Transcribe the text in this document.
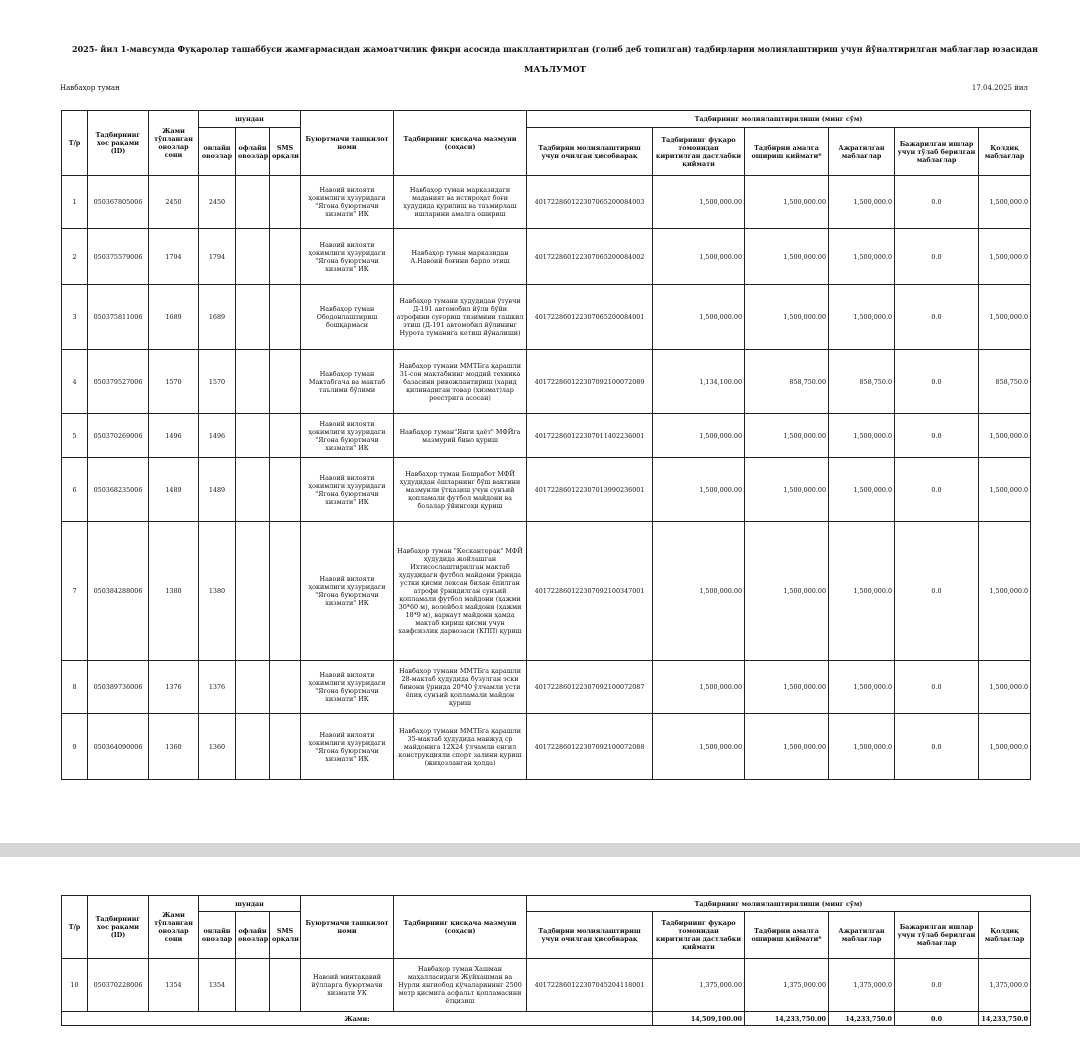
2025- йил 1-мавсумда Фуқаролар ташаббуси жамғармасидан жамоатчилик фикри асосида шакллантирилган (голиб деб топилган) тадбирларни молиялаштириш учун йўналтирилган маблағлар юзасидан
МАЪЛУМОТ
Навбаҳор туман	17.04.2025 йил
Т/р	Тадбирнинг хос рақами (ID)	Жами тўпланган овозлар сони	шундан			Буюртмачи ташкилот номи	Тадбирнинг қисқача мазмуни (соҳаси)	Тадбирнинг молиялаштирилиши (минг сўм)					
			онлайн овозлар	офлайн овозлар	SMS орқали			Тадбирни молиялаштириш учун очилган ҳисобварақ	Тадбирнинг фуқаро томонидан киритилган дастлабки қиймати	Тадбирни амалга ошириш қиймати*	Ажратилган маблағлар	Бажарилган ишлар учун тўлаб берилган маблағлар	Қолдиқ маблағлар
1	050367805006	2450	2450			Навоий вилояти ҳокимлиги ҳузуридаги "Ягона буюртмачи хизмати" ИК	Навбаҳор туман марказидаги маданият ва истироҳат боғи ҳудудида қурилиш ва таъмирлаш ишларини амалга ошириш	401722860122307065200084003	1,500,000.00	1,500,000.00	1,500,000.0	0.0	1,500,000.0
2	050375579006	1794	1794			Навоий вилояти ҳокимлиги ҳузуридаги "Ягона буюртмачи хизмати" ИК	Навбаҳор туман марказидан А.Навоий боғини барпо этиш	401722860122307065200084002	1,500,000.00	1,500,000.00	1,500,000.0	0.0	1,500,000.0
3	050375811006	1689	1689			Навбаҳор туман Ободонлаштириш бошқармаси	Навбаҳор тумани ҳудудидан ўтувчи Д-191 автомобил йўли бўйи атрофини суғориш тизимини ташкил этиш (Д-191 автомобил йўлининг Нурота туманига кетиш йўналиши)	401722860122307065200084001	1,500,000.00	1,500,000.00	1,500,000.0	0.0	1,500,000.0
4	050379527006	1570	1570			Навбаҳор туман Мактабгача ва мактаб таълими бўлими	Навбаҳор тумани ММТБга қарашли 31-сон мактабнинг моддий техника базасини ривожлантириш (харид қилинадиган товар (хизмат)лар реестрига асосан)	401722860122307092100072089	1,134,100.00	858,750.00	858,750.0	0.0	858,750.0
5	050370269006	1496	1496			Навоий вилояти ҳокимлиги ҳузуридаги "Ягона буюртмачи хизмати" ИК	Навбаҳор туман"Янги ҳаёт" МФЙга мазмурий бино қуриш	401722860122307011402236001	1,500,000.00	1,500,000.00	1,500,000.0	0.0	1,500,000.0
6	050368235006	1489	1489			Навоий вилояти ҳокимлиги ҳузуридаги "Ягона буюртмачи хизмати" ИК	Навбаҳор туман Бешработ МФЙ ҳудудидан ёшларнинг бўш вактини мазмунли ўтказиш учун сунъий қопламали футбол майдони ва болалар ўйингоҳи қуриш	401722860122307013990236001	1,500,000.00	1,500,000.00	1,500,000.0	0.0	1,500,000.0
7	050384288006	1380	1380			Навоий вилояти ҳокимлиги ҳузуридаги "Ягона буюртмачи хизмати" ИК	Навбаҳор туман "Кескантерак" МФЙ ҳудудида жойлашган Ихтисослаштирилган мактаб ҳудудидаги футбол майдони ўрнида устки қисми лексан билан ёпилган атрофи ўрнидилган сунъий қопламали футбол майдони (ҳажми 30*60 м), волейбол майдони (ҳажми 18*9 м), варкаут майдони ҳамда мактаб кириш қисми учун хавфсизлик дарвозаси (КПП) қуриш	401722860122307092100347001	1,500,000.00	1,500,000.00	1,500,000.0	0.0	1,500,000.0
8	050389736006	1376	1376			Навоий вилояти ҳокимлиги ҳузуридаги "Ягона буюртмачи хизмати" ИК	Навбаҳор тумани ММТБга қарашли 28-мактаб ҳудудида бузулган эски бинони ўрнида 20*40 ўлчамли усти ёпиқ сунъий қопламали майдон қуриш	401722860122307092100072087	1,500,000.00	1,500,000.00	1,500,000.0	0.0	1,500,000.0
9	050364090006	1360	1360			Навоий вилояти ҳокимлиги ҳузуридаги "Ягона буюртмачи хизмати" ИК	Навбаҳор тумани ММТБга қарашли 35-мактаб ҳудудида мавжуд ср майдонига 12Х24 ўлчамли енгил конструкцияли спорт залини қуриш (жиҳозланган ҳолда)	401722860122307092100072088	1,500,000.00	1,500,000.00	1,500,000.0	0.0	1,500,000.0
Т/р	Тадбирнинг хос рақами (ID)	Жами тўпланган овозлар сони	шундан			Буюртмачи ташкилот номи	Тадбирнинг қисқача мазмуни (соҳаси)	Тадбирнинг молиялаштирилиши (минг сўм)					
			онлайн овозлар	офлайн овозлар	SMS орқали			Тадбирни молиялаштириш учун очилган ҳисобварақ	Тадбирнинг фуқаро томонидан киритилган дастлабки қиймати	Тадбирни амалга ошириш қиймати*	Ажратилган маблағлар	Бажарилган ишлар учун тўлаб берилган маблағлар	Қолдиқ маблағлар
10	050370228006	1354	1354			Навоий минтақавий йўлларга буюртмачи хизмати УК	Навбаҳор туман Хашман маҳалласидаги Жуйхашман ва Нурли янгиобод кўчаларининг 2500 метр қисмига асфальт қопламасини ётқизиш	401722860122307045204118001	1,375,000.00	1,375,000.00	1,375,000.0	0.0	1,375,000.0
Жами:									14,509,100.00	14,233,750.00	14,233,750.0	0.0	14,233,750.0
